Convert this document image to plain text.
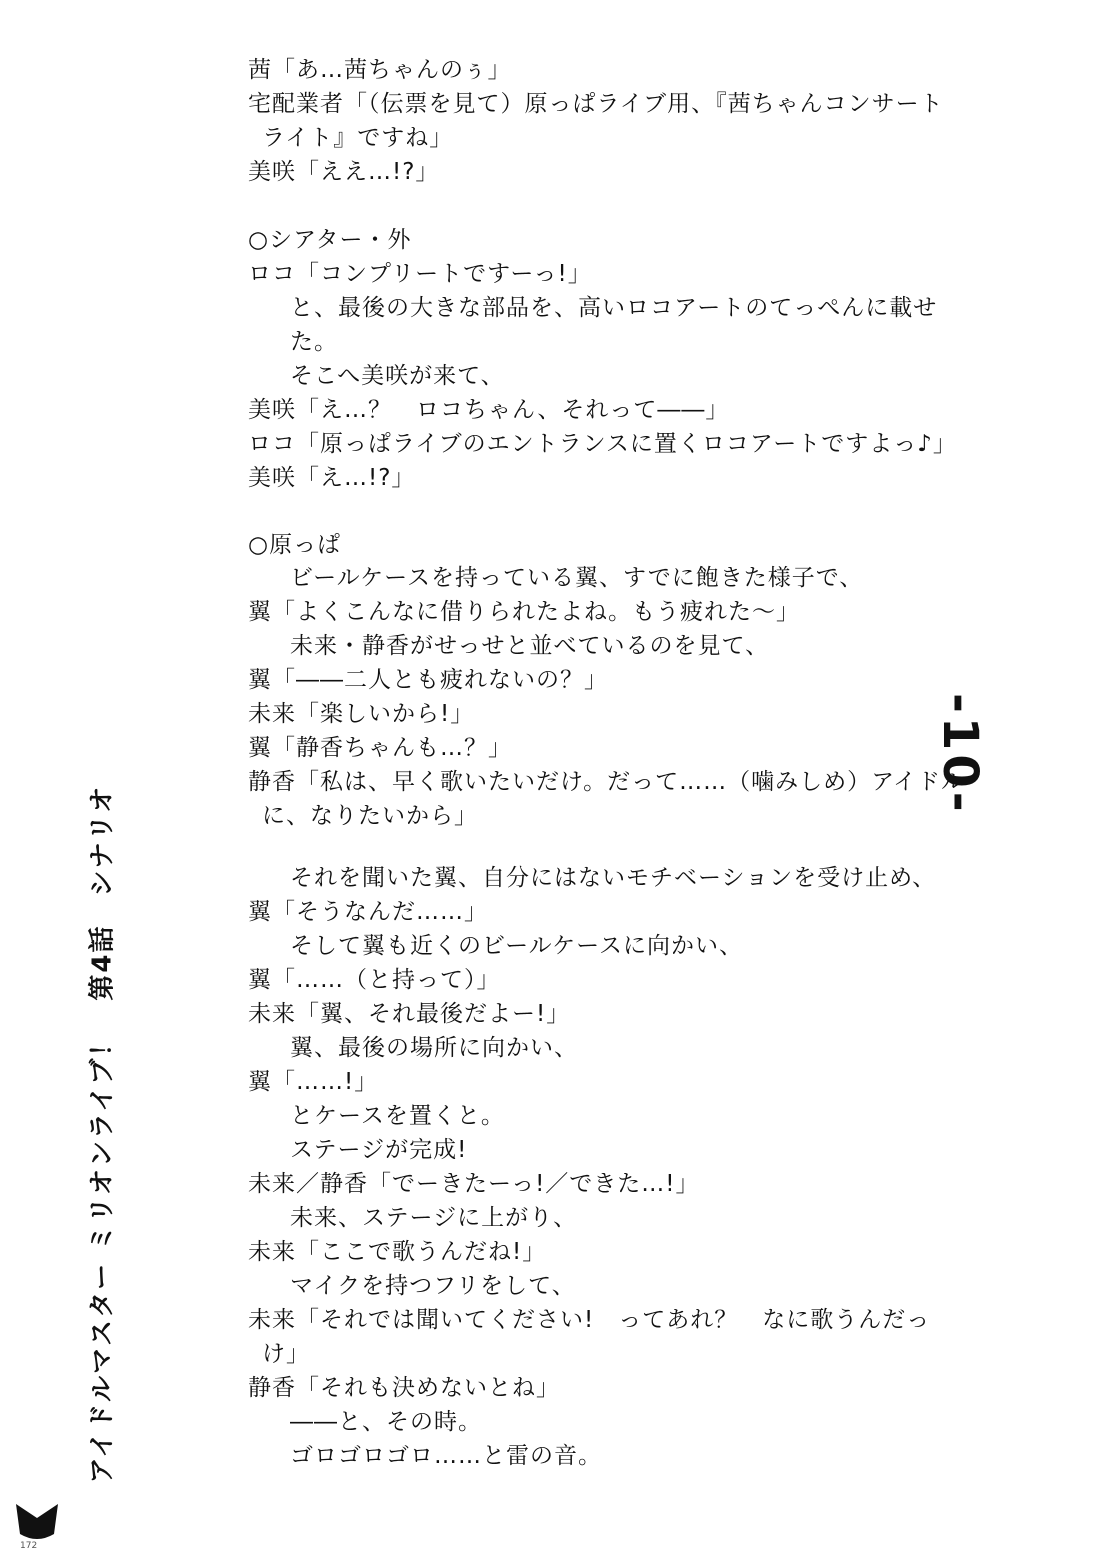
茜「あ…茜ちゃんのぅ」
宅配業者「（伝票を見て）原っぱライブ用、『茜ちゃんコンサート
ライト』ですね」
美咲「ええ…!?」
○シアター・外
ロコ「コンプリートですーっ!」
と、最後の大きな部品を、高いロコアートのてっぺんに載せ
た。
そこへ美咲が来て、
美咲「え…？　ロコちゃん、それって――」
ロコ「原っぱライブのエントランスに置くロコアートですよっ♪」
美咲「え…!?」
○原っぱ
ビールケースを持っている翼、すでに飽きた様子で、
翼「よくこんなに借りられたよね。もう疲れた～」
未来・静香がせっせと並べているのを見て、
翼「――二人とも疲れないの？」
未来「楽しいから!」
翼「静香ちゃんも…？」
静香「私は、早く歌いたいだけ。だって……（噛みしめ）アイドル
に、なりたいから」
それを聞いた翼、自分にはないモチベーションを受け止め、
翼「そうなんだ……」
そして翼も近くのビールケースに向かい、
翼「……（と持って）」
未来「翼、それ最後だよー!」
翼、最後の場所に向かい、
翼「……!」
とケースを置くと。
ステージが完成!
未来／静香「でーきたーっ!／できた…!」
未来、ステージに上がり、
未来「ここで歌うんだね!」
マイクを持つフリをして、
未来「それでは聞いてください!　ってあれ？　なに歌うんだっ
け」
静香「それも決めないとね」
――と、その時。
ゴロゴロゴロ……と雷の音。
-10-
アイドルマスター ミリオンライブ！　第4話　シナリオ
172
